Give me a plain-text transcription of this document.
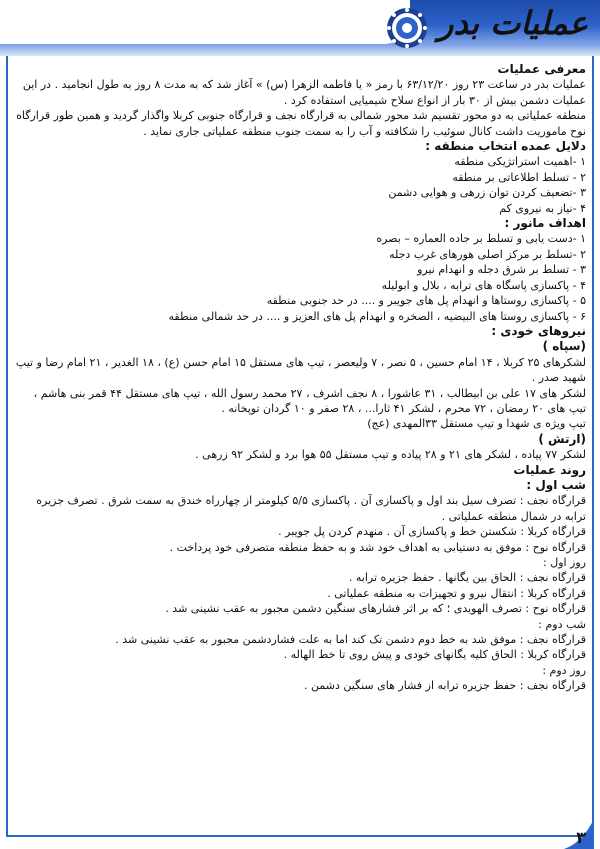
عملیات بدر

معرفی عملیات

عملیات بدر در ساعت ۲۳ روز ۶۳/۱۲/۲۰ با رمز « یا فاطمه الزهرا (س) » آغاز شد که به مدت ۸ روز به طول انجامید . در این عملیات دشمن بیش از ۳۰ بار از انواع سلاح شیمیایی استفاده کرد .

منطقه عملیاتی به دو محور تقسیم شد محور شمالی به قرارگاه نجف و قرارگاه جنوبی کربلا واگذار گردید و همین طور قرارگاه نوح ماموریت داشت کانال سوئیب را شکافته و آب را به سمت جنوب منطقه عملیاتی جاری نماید .

دلایل عمده انتخاب منطقه :

۱ -اهمیت استراتژیکی منطقه

۲ - تسلط اطلاعاتی بر منطقه

۳ -تضعیف کردن توان زرهی و هوایی دشمن

۴ -نیاز به نیروی کم

اهداف مانور :

۱ -دست یابی و تسلط بر جاده العماره – بصره

۲ -تسلط بر مرکز اصلی هورهای غرب دجله

۳ - تسلط بر شرق دجله و انهدام نیرو

۴ - پاکسازی پاسگاه های ترابه ، بلال و ابولیله

۵ - پاکسازی روستاها و انهدام پل های جویبر و .... در حد جنوبی منطقه

۶ - پاکسازی روستا های البیضیه ، الصخره و انهدام پل های العزیز و .... در حد شمالی منطقه

نیروهای خودی :

(سپاه )

لشکرهای ۲۵ کربلا ، ۱۴ امام حسین ، ۵ نصر ، ۷ ولیعصر ، تیپ های مستقل ۱۵ امام حسن (ع) ، ۱۸ الغدیر ، ۲۱ امام رضا و تیپ شهید صدر .

لشکر های ۱۷ علی بن ابیطالب ، ۳۱ عاشورا ، ۸ نجف اشرف ، ۲۷ محمد رسول الله ، تیپ های مستقل ۴۴ قمر بنی هاشم ، تیپ های ۲۰ رمضان ، ۷۲ محرم ، لشکر ۴۱ ثارا... ، ۲۸ صفر و ۱۰ گردان توپخانه .

تیپ ویژه ی شهدا و تیپ مستقل ۳۳المهدی (عج)

(ارتش )

لشکر ۷۷ پیاده ، لشکر های ۲۱ و ۲۸ پیاده و تیپ مستقل ۵۵ هوا برد و لشکر ۹۲ زرهی .

روند عملیات

شب اول :

قرارگاه نجف : تصرف سیل بند اول و پاکسازی آن . پاکسازی ۵/۵ کیلومتر از چهارراه خندق به سمت شرق . تصرف جزیره ترابه در شمال منطقه عملیاتی .

قرارگاه کربلا : شکستن خط و پاکسازی آن . منهدم کردن پل جویبر .

قرارگاه نوح : موفق به دستیابی به اهداف خود شد و به حفظ منطقه متصرفی خود پرداخت .

روز اول :

قرارگاه نجف : الحاق بین یگانها . حفظ جزیره ترابه .

قرارگاه کربلا : انتقال نیرو و تجهیزات به منطقه عملیاتی .

قرارگاه نوح : تصرف الهویدی ؛ که بر اثر فشارهای سنگین دشمن مجبور به عقب نشینی شد .

شب دوم :

قرارگاه نجف : موفق شد به خط دوم دشمن تک کند اما به علت فشاردشمن مجبور به عقب نشینی شد .

قرارگاه کربلا : الحاق کلیه یگانهای خودی و پیش روی تا خط الهاله .

روز دوم :

قرارگاه نجف : حفظ جزیره ترابه از فشار های سنگین دشمن .

۳
